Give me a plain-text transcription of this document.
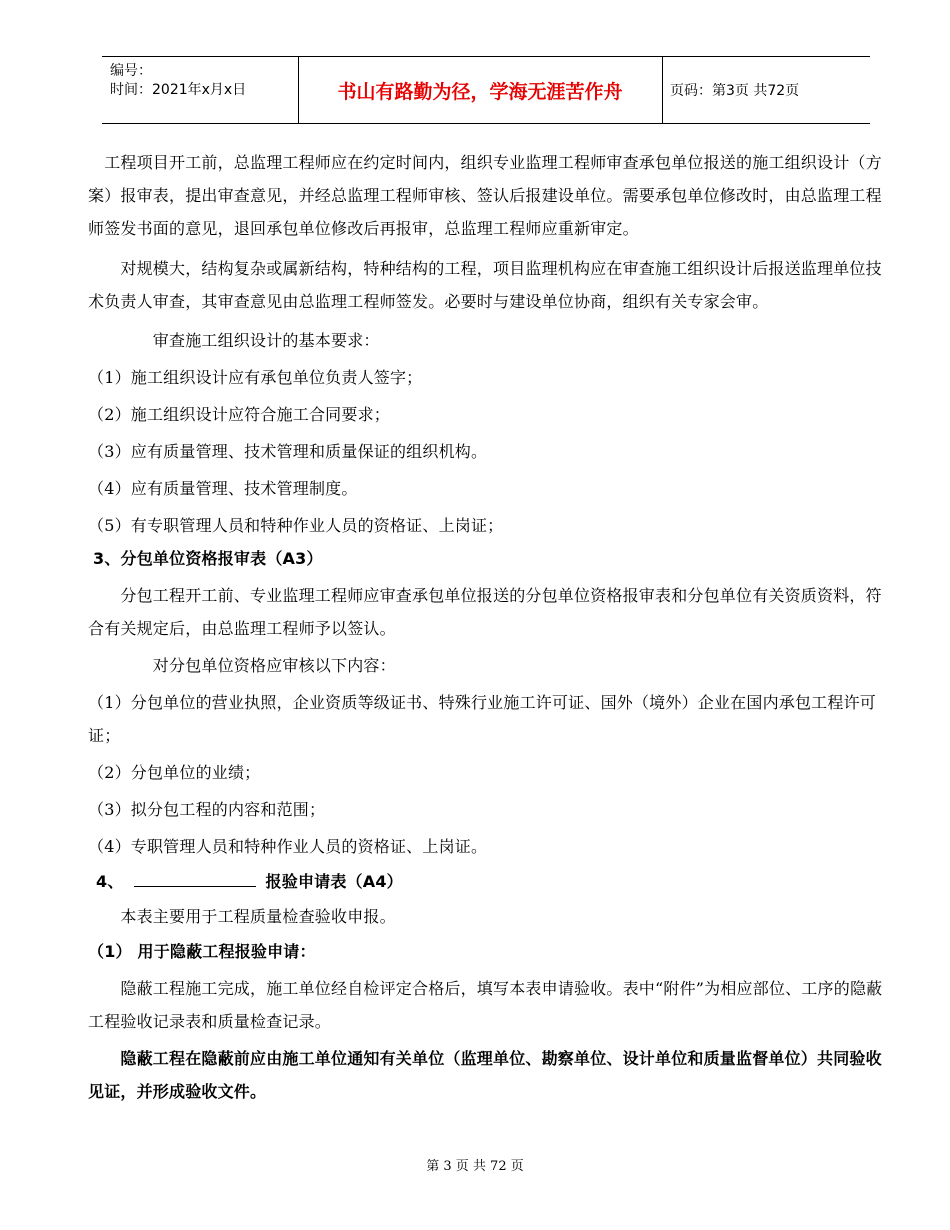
编号：
时间：2021年x月x日	书山有路勤为径，学海无涯苦作舟	页码：第3页 共72页

　工程项目开工前，总监理工程师应在约定时间内，组织专业监理工程师审查承包单位报送的施工组织设计（方案）报审表，提出审查意见，并经总监理工程师审核、签认后报建设单位。需要承包单位修改时，由总监理工程师签发书面的意见，退回承包单位修改后再报审，总监理工程师应重新审定。

　　对规模大，结构复杂或属新结构，特种结构的工程，项目监理机构应在审查施工组织设计后报送监理单位技术负责人审查，其审查意见由总监理工程师签发。必要时与建设单位协商，组织有关专家会审。

　　　　审查施工组织设计的基本要求：

（1）施工组织设计应有承包单位负责人签字；

（2）施工组织设计应符合施工合同要求；

（3）应有质量管理、技术管理和质量保证的组织机构。

（4）应有质量管理、技术管理制度。

（5）有专职管理人员和特种作业人员的资格证、上岗证；

3、分包单位资格报审表（A3）

　　分包工程开工前、专业监理工程师应审查承包单位报送的分包单位资格报审表和分包单位有关资质资料，符合有关规定后，由总监理工程师予以签认。

　　　　对分包单位资格应审核以下内容：

（1）分包单位的营业执照，企业资质等级证书、特殊行业施工许可证、国外（境外）企业在国内承包工程许可证；

（2）分包单位的业绩；

（3）拟分包工程的内容和范围；

（4）专职管理人员和特种作业人员的资格证、上岗证。

4、	报验申请表（A4）

　　本表主要用于工程质量检查验收申报。

（1） 用于隐蔽工程报验申请：

　　隐蔽工程施工完成，施工单位经自检评定合格后，填写本表申请验收。表中“附件”为相应部位、工序的隐蔽工程验收记录表和质量检查记录。

　　隐蔽工程在隐蔽前应由施工单位通知有关单位（监理单位、勘察单位、设计单位和质量监督单位）共同验收见证，并形成验收文件。

第 3 页 共 72 页
